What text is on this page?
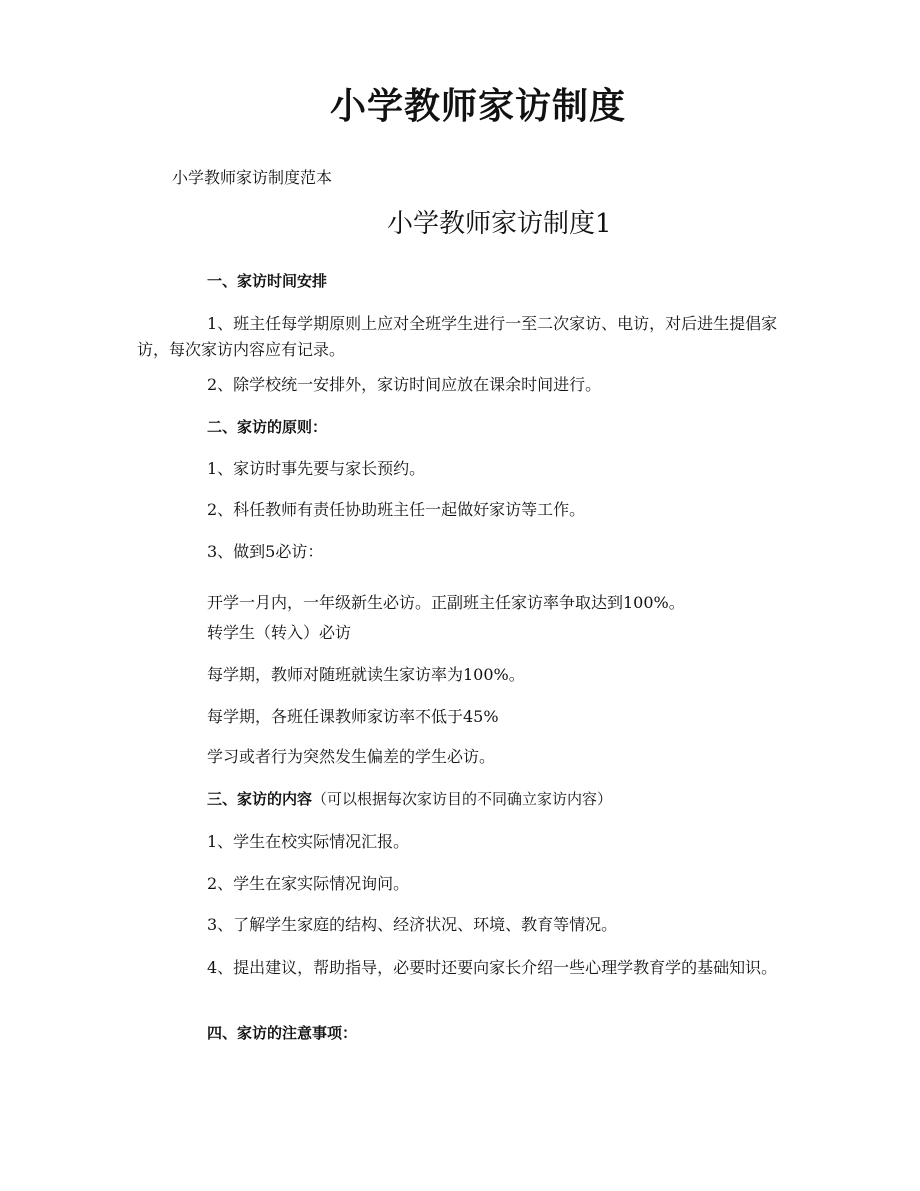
小学教师家访制度
小学教师家访制度范本
小学教师家访制度1
一、家访时间安排
1、班主任每学期原则上应对全班学生进行一至二次家访、电访，对后进生提倡家访，每次家访内容应有记录。
2、除学校统一安排外，家访时间应放在课余时间进行。
二、家访的原则：
1、家访时事先要与家长预约。
2、科任教师有责任协助班主任一起做好家访等工作。
3、做到5必访：
开学一月内，一年级新生必访。正副班主任家访率争取达到100%。
转学生（转入）必访
每学期，教师对随班就读生家访率为100%。
每学期，各班任课教师家访率不低于45%
学习或者行为突然发生偏差的学生必访。
三、家访的内容（可以根据每次家访目的不同确立家访内容）
1、学生在校实际情况汇报。
2、学生在家实际情况询问。
3、了解学生家庭的结构、经济状况、环境、教育等情况。
4、提出建议，帮助指导，必要时还要向家长介绍一些心理学教育学的基础知识。
四、家访的注意事项：
